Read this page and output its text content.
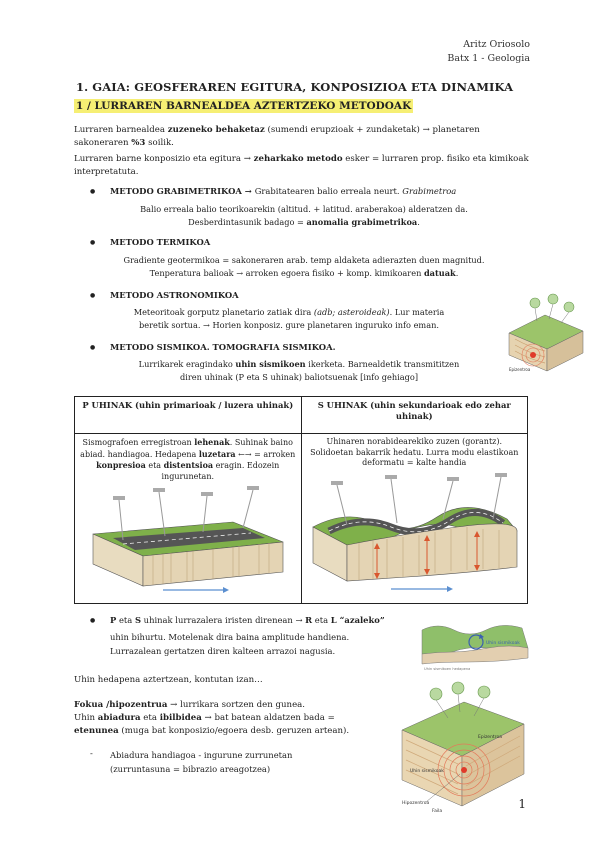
Aritz Oriosolo
Batx 1 - Geologia
1. GAIA: GEOSFERAREN EGITURA, KONPOSIZIOA ETA DINAMIKA
1 / LURRAREN BARNEALDEA AZTERTZEKO METODOAK
Lurraren barnealdea zuzeneko behaketaz (sumendi erupzioak + zundaketak) → planetaren sakoneraren %3 soilik.
Lurraren barne konposizio eta egitura → zeharkako metodo esker = lurraren prop. fisiko eta kimikoak interpretatuta.
● METODO GRABIMETRIKOA → Grabitatearen balio erreala neurt. Grabimetroa
Balio erreala balio teorikoarekin (altitud. + latitud. araberakoa) alderatzen da.
Desberdintasunik badago = anomalia grabimetrikoa.
● METODO TERMIKOA
Gradiente geotermikoa = sakoneraren arab. temp aldaketa adierazten duen magnitud.
Tenperatura balioak → arroken egoera fisiko + komp. kimikoaren datuak.
● METODO ASTRONOMIKOA
Meteoritoak gorputz planetario zatiak dira (adb; asteroideak). Lur materia
beretik sortua. → Horien konposiz. gure planetaren inguruko info eman.
● METODO SISMIKOA. TOMOGRAFIA SISMIKOA.
Lurrikarek eragindako uhin sismikoen ikerketa. Barnealdetik transmititzen
diren uhinak (P eta S uhinak) baliotsuenak [info gehiago]
Epizentroa
P UHINAK (uhin primarioak / luzera uhinak)	S UHINAK (uhin sekundarioak edo zehar uhinak)

Sismografoen erregistroan lehenak. Suhinak baino abiad. handiagoa. Hedapena luzetara ←→ = arroken konpresioa eta distentsioa eragin. Edozein ingurunetan.	Uhinaren norabidearekiko zuzen (gorantz). Solidoetan bakarrik hedatu. Lurra modu elastikoan deformatu = kalte handia
● P eta S uhinak lurrazalera iristen direnean → R eta L “azaleko”
uhin bihurtu. Motelenak dira baina amplitude handiena.
Lurrazalean gertatzen diren kalteen arrazoi nagusia.
Uhin sismikoak
Uhin sismikoen hedapena
Uhin hedapena aztertzean, kontutan izan…
Fokua /hipozentrua → lurrikara sortzen den gunea.
Uhin abiadura eta ibilbidea → bat batean aldatzen bada =
etenunea (muga bat konposizio/egoera desb. geruzen artean).
- Abiadura handiagoa - ingurune zurrunetan
(zurruntasuna = bibrazio areagotzea)
Epizentroa
Uhin sismikoak
Hipozentroa
Faila
1
